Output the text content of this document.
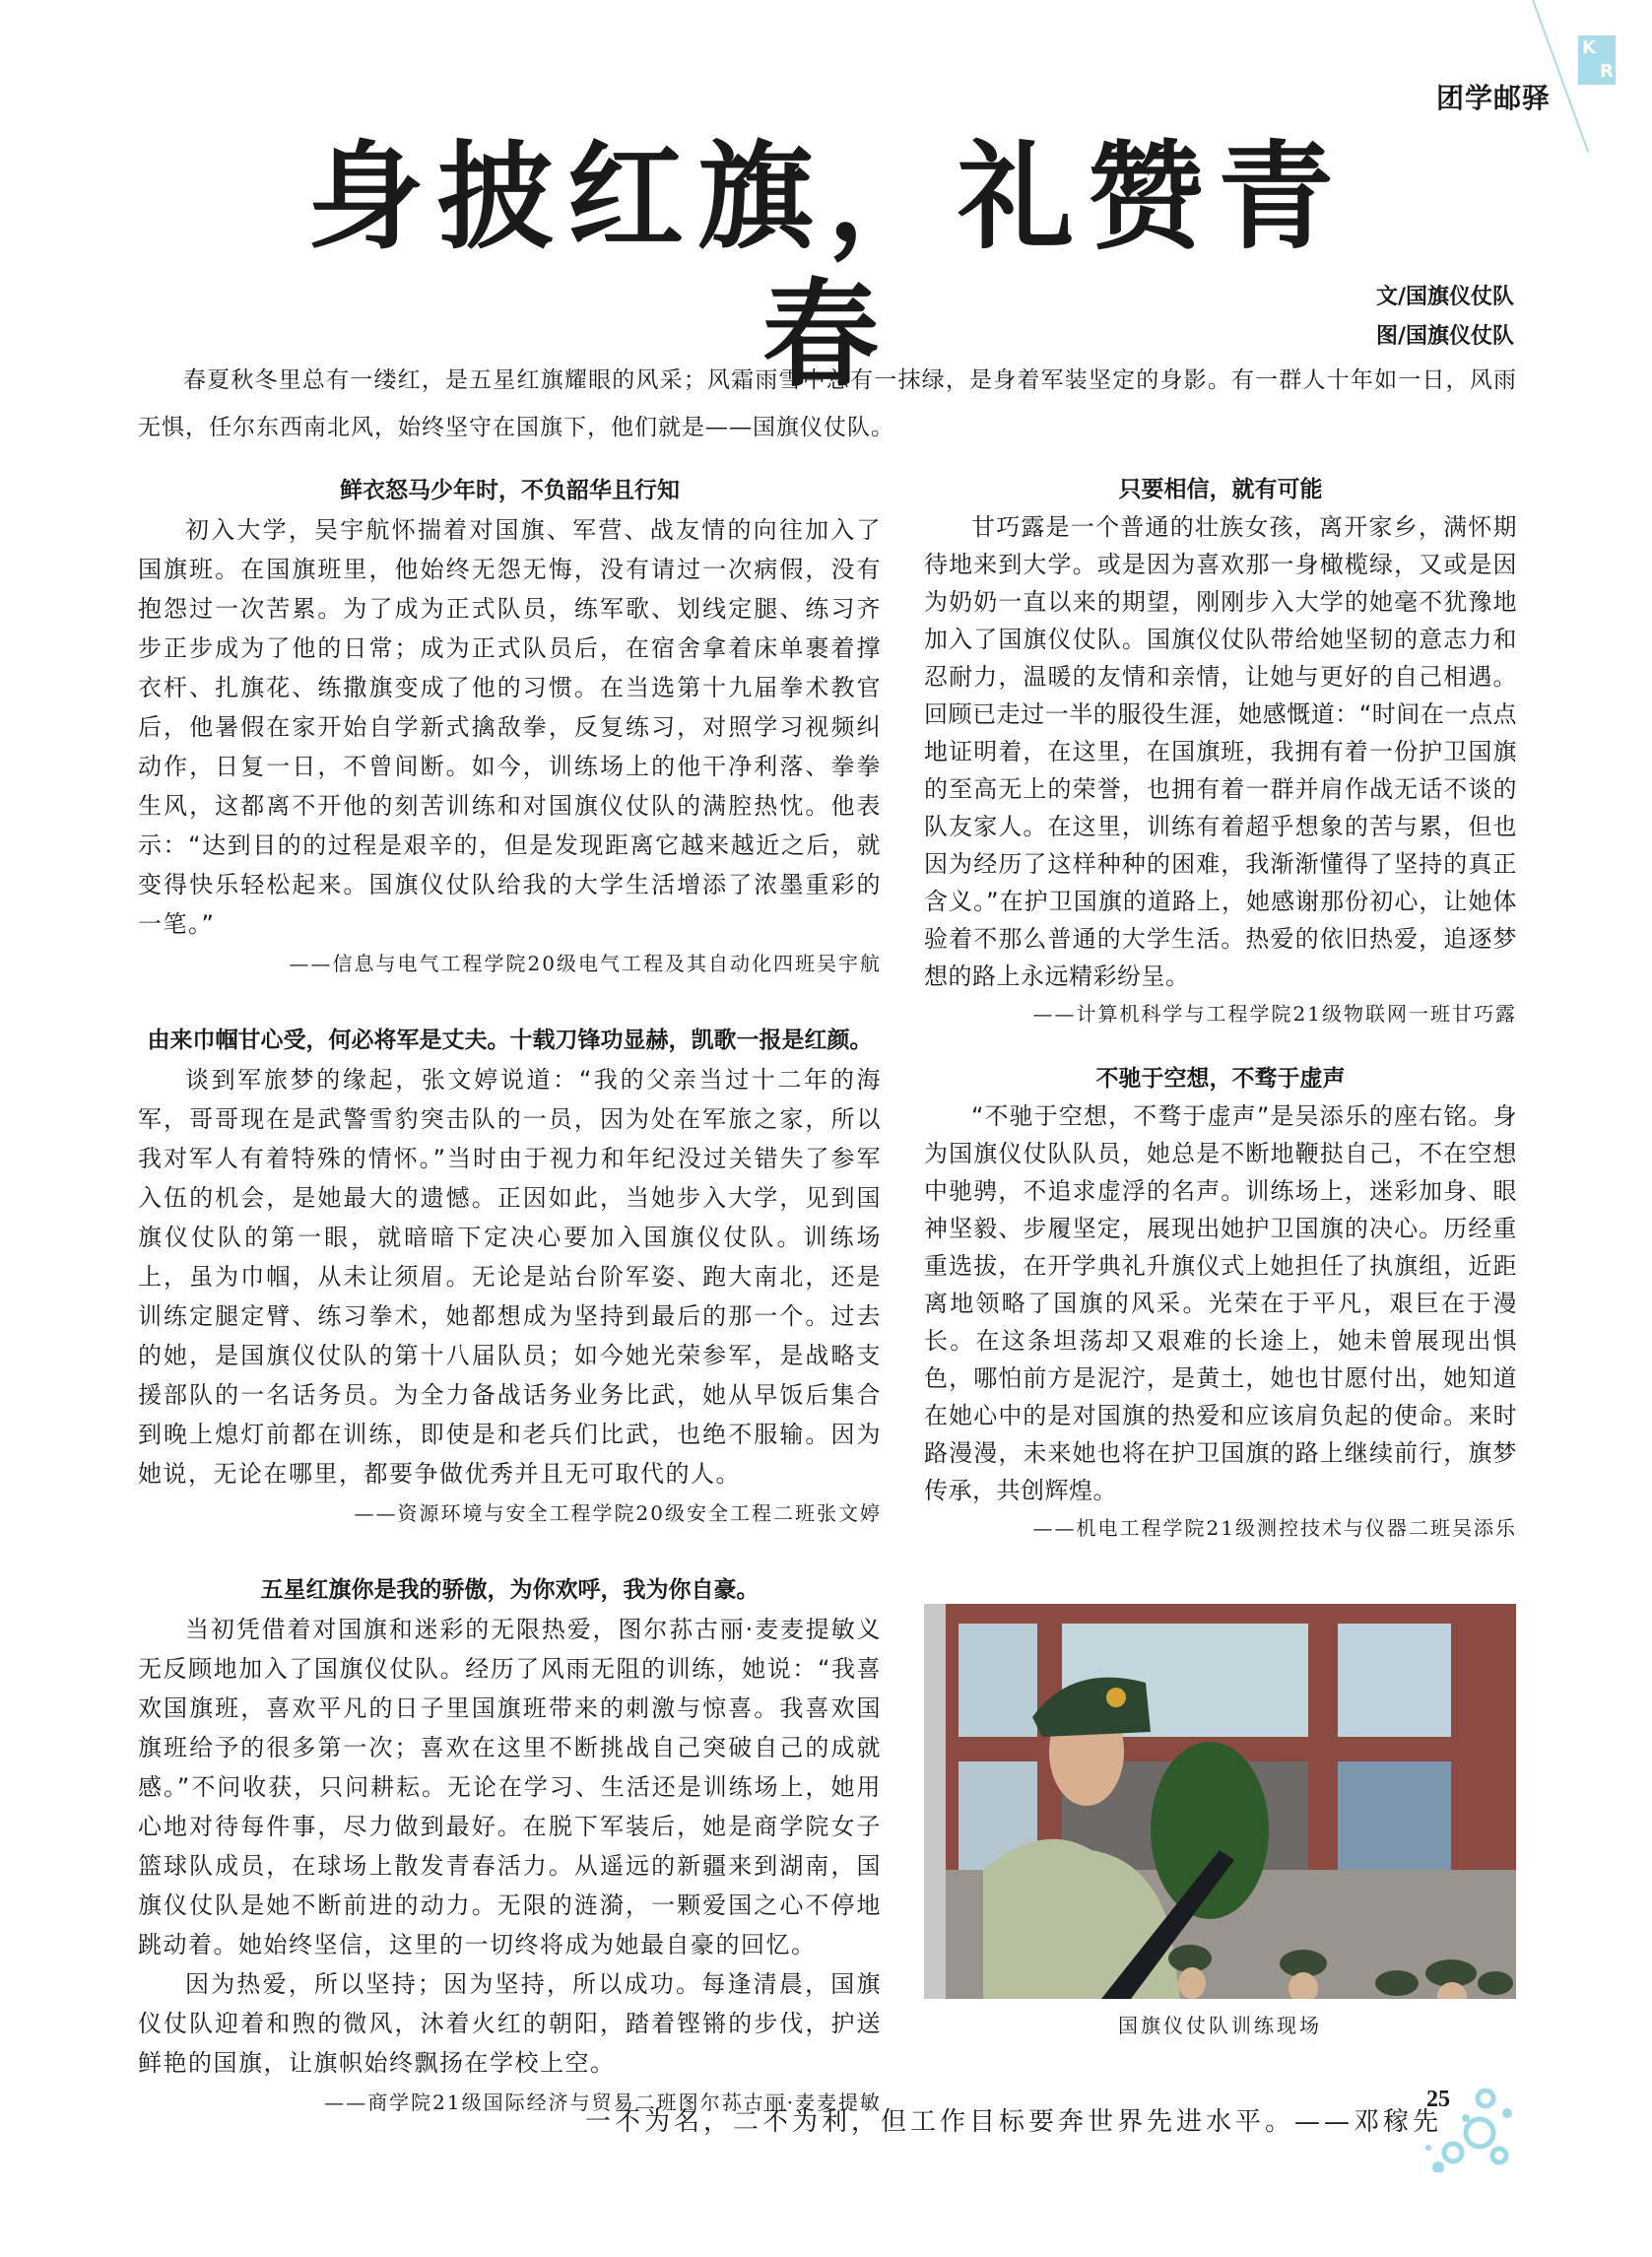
K
R
团学邮驿
身披红旗，礼赞青春	文/国旗仪仗队
图/国旗仪仗队

春夏秋冬里总有一缕红，是五星红旗耀眼的风采；风霜雨雪中总有一抹绿，是身着军装坚定的身影。有一群人十年如一日，风雨无惧，任尔东西南北风，始终坚守在国旗下，他们就是——国旗仪仗队。

鲜衣怒马少年时，不负韶华且行知

初入大学，吴宇航怀揣着对国旗、军营、战友情的向往加入了国旗班。在国旗班里，他始终无怨无悔，没有请过一次病假，没有抱怨过一次苦累。为了成为正式队员，练军歌、划线定腿、练习齐步正步成为了他的日常；成为正式队员后，在宿舍拿着床单裹着撑衣杆、扎旗花、练撒旗变成了他的习惯。在当选第十九届拳术教官后，他暑假在家开始自学新式擒敌拳，反复练习，对照学习视频纠动作，日复一日，不曾间断。如今，训练场上的他干净利落、拳拳生风，这都离不开他的刻苦训练和对国旗仪仗队的满腔热忱。他表示：“达到目的的过程是艰辛的，但是发现距离它越来越近之后，就变得快乐轻松起来。国旗仪仗队给我的大学生活增添了浓墨重彩的一笔。”

——信息与电气工程学院20级电气工程及其自动化四班吴宇航
由来巾帼甘心受，何必将军是丈夫。十载刀锋功显赫，凯歌一报是红颜。

谈到军旅梦的缘起，张文婷说道：“我的父亲当过十二年的海军，哥哥现在是武警雪豹突击队的一员，因为处在军旅之家，所以我对军人有着特殊的情怀。”当时由于视力和年纪没过关错失了参军入伍的机会，是她最大的遗憾。正因如此，当她步入大学，见到国旗仪仗队的第一眼，就暗暗下定决心要加入国旗仪仗队。训练场上，虽为巾帼，从未让须眉。无论是站台阶军姿、跑大南北，还是训练定腿定臂、练习拳术，她都想成为坚持到最后的那一个。过去的她，是国旗仪仗队的第十八届队员；如今她光荣参军，是战略支援部队的一名话务员。为全力备战话务业务比武，她从早饭后集合到晚上熄灯前都在训练，即使是和老兵们比武，也绝不服输。因为她说，无论在哪里，都要争做优秀并且无可取代的人。

——资源环境与安全工程学院20级安全工程二班张文婷
五星红旗你是我的骄傲，为你欢呼，我为你自豪。

当初凭借着对国旗和迷彩的无限热爱，图尔荪古丽·麦麦提敏义无反顾地加入了国旗仪仗队。经历了风雨无阻的训练，她说：“我喜欢国旗班，喜欢平凡的日子里国旗班带来的刺激与惊喜。我喜欢国旗班给予的很多第一次；喜欢在这里不断挑战自己突破自己的成就感。”不问收获，只问耕耘。无论在学习、生活还是训练场上，她用心地对待每件事，尽力做到最好。在脱下军装后，她是商学院女子篮球队成员，在球场上散发青春活力。从遥远的新疆来到湖南，国旗仪仗队是她不断前进的动力。无限的涟漪，一颗爱国之心不停地跳动着。她始终坚信，这里的一切终将成为她最自豪的回忆。

因为热爱，所以坚持；因为坚持，所以成功。每逢清晨，国旗仪仗队迎着和煦的微风，沐着火红的朝阳，踏着铿锵的步伐，护送鲜艳的国旗，让旗帜始终飘扬在学校上空。

——商学院21级国际经济与贸易二班图尔荪古丽·麦麦提敏
只要相信，就有可能

甘巧露是一个普通的壮族女孩，离开家乡，满怀期待地来到大学。或是因为喜欢那一身橄榄绿，又或是因为奶奶一直以来的期望，刚刚步入大学的她毫不犹豫地加入了国旗仪仗队。国旗仪仗队带给她坚韧的意志力和忍耐力，温暖的友情和亲情，让她与更好的自己相遇。回顾已走过一半的服役生涯，她感慨道：“时间在一点点地证明着，在这里，在国旗班，我拥有着一份护卫国旗的至高无上的荣誉，也拥有着一群并肩作战无话不谈的队友家人。在这里，训练有着超乎想象的苦与累，但也因为经历了这样种种的困难，我渐渐懂得了坚持的真正含义。”在护卫国旗的道路上，她感谢那份初心，让她体验着不那么普通的大学生活。热爱的依旧热爱，追逐梦想的路上永远精彩纷呈。

——计算机科学与工程学院21级物联网一班甘巧露
不驰于空想，不骛于虚声

“不驰于空想，不骛于虚声”是吴添乐的座右铭。身为国旗仪仗队队员，她总是不断地鞭挞自己，不在空想中驰骋，不追求虚浮的名声。训练场上，迷彩加身、眼神坚毅、步履坚定，展现出她护卫国旗的决心。历经重重选拔，在开学典礼升旗仪式上她担任了执旗组，近距离地领略了国旗的风采。光荣在于平凡，艰巨在于漫长。在这条坦荡却又艰难的长途上，她未曾展现出惧色，哪怕前方是泥泞，是黄土，她也甘愿付出，她知道在她心中的是对国旗的热爱和应该肩负起的使命。来时路漫漫，未来她也将在护卫国旗的路上继续前行，旗梦传承，共创辉煌。

——机电工程学院21级测控技术与仪器二班吴添乐
国旗仪仗队训练现场
一不为名，二不为利，但工作目标要奔世界先进水平。——邓稼先
25
